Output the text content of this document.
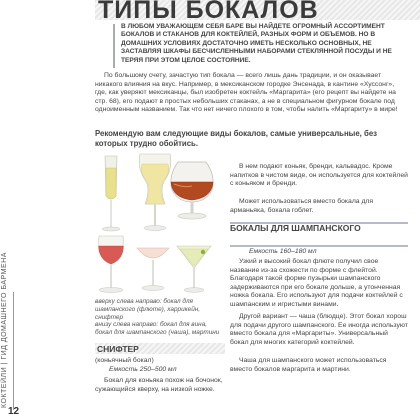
ТИПЫ БОКАЛОВ
КОКТЕЙЛИ | ГИД ДОМАШНЕГО БАРМЕНА
12

В ЛЮБОМ УВАЖАЮЩЕМ СЕБЯ БАРЕ ВЫ НАЙДЕТЕ ОГРОМНЫЙ АССОРТИМЕНТ БОКАЛОВ И СТАКАНОВ ДЛЯ КОКТЕЙЛЕЙ, РАЗНЫХ ФОРМ И ОБЪЕМОВ. НО В ДОМАШНИХ УСЛОВИЯХ ДОСТАТОЧНО ИМЕТЬ НЕСКОЛЬКО ОСНОВНЫХ, НЕ ЗАСТАВЛЯЯ ШКАФЫ БЕСЧИСЛЕННЫМИ НАБОРАМИ СТЕКЛЯННОЙ ПОСУДЫ И НЕ ТЕРЯЯ ПРИ ЭТОМ ЦЕЛОЕ СОСТОЯНИЕ.

По большому счету, зачастую тип бокала — всего лишь дань традиции, и он оказывает никакого влияния на вкус. Например, в мексиканском городке Энсенада, в кантине «Хуссонг», где, как уверяют мексиканцы, был изобретен коктейль «Маргарита» (его рецепт вы найдете на стр. 68), его подают в простых небольших стаканах, а не в специальном фигурном бокале под одноименным названием. Так что нет ничего плохого в том, чтобы налить «Маргариту» в мире!

Рекомендую вам следующие виды бокалов, самые универсальные, без которых трудно обойтись.

вверху слева направо: бокал для шампанского (флюте), харрикейн, снифтер

внизу слева направо: бокал для вина, бокал для шампанского (чаша), мартини

В нем подают коньяк, бренди, кальвадос. Кроме напитков в чистом виде, он используется для коктейлей с коньяком и бренди.

Может использоваться вместо бокала для арманьяка, бокала гоблет.

БОКАЛЫ ДЛЯ ШАМПАНСКОГО

Емкость 160–180 мл

Узкий и высокий бокал флюте получил свое название из-за схожести по форме с флейтой. Благодаря такой форме пузырьки шампанского задерживаются при его бокале дольше, а утонченная ножка бокала. Его используют для подачи коктейлей с шампанским и игристыми винами.

Другой вариант — чаша (блюдце). Этот бокал хорош для подачи другого шампанского. Ее иногда используют вместо бокала для «Маргариты». Универсальный бокал для многих категорий коктейлей.

Чаша для шампанского может использоваться вместо бокалов маргарита и мартини.

СНИФТЕР

(коньячный бокал)

Емкость 250–500 мл

Бокал для коньяка похож на бочонок, сужающийся кверху, на низкой ножке.
